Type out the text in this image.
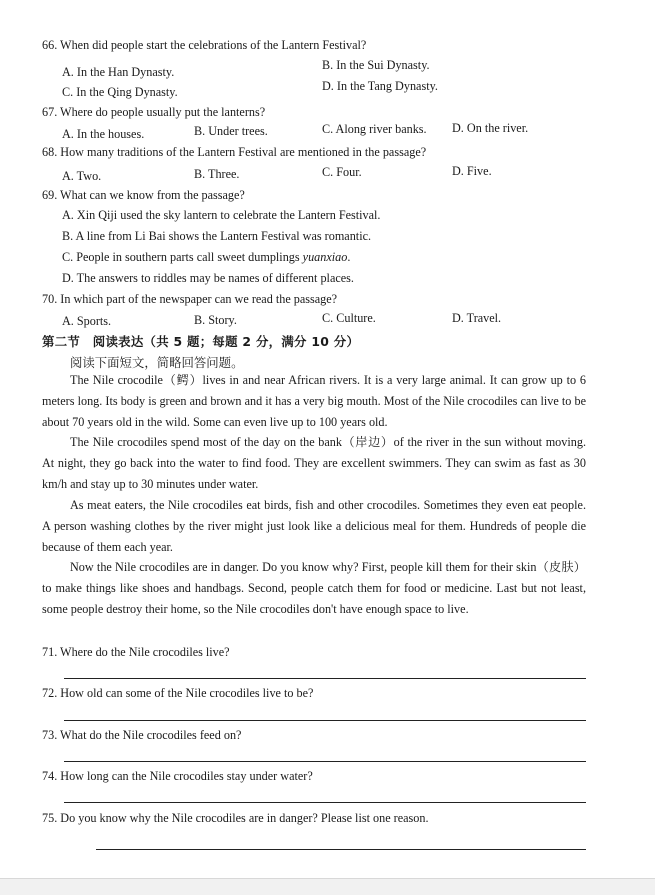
66. When did people start the celebrations of the Lantern Festival?
A. In the Han Dynasty.	B. In the Sui Dynasty.
C. In the Qing Dynasty.	D. In the Tang Dynasty.
67. Where do people usually put the lanterns?
A. In the houses.	B. Under trees.	C. Along river banks. D. On the river.
68. How many traditions of the Lantern Festival are mentioned in the passage?
A. Two.	B. Three.	C. Four.	D. Five.
69. What can we know from the passage?
A. Xin Qiji used the sky lantern to celebrate the Lantern Festival.
B. A line from Li Bai shows the Lantern Festival was romantic.
C. People in southern parts call sweet dumplings yuanxiao.
D. The answers to riddles may be names of different places.
70. In which part of the newspaper can we read the passage?
A. Sports.	B. Story.	C. Culture.	D. Travel.
第二节　阅读表达（共 5 题；每题 2 分，满分 10 分）
阅读下面短文，简略回答问题。
The Nile crocodile（鳄）lives in and near African rivers. It is a very large animal. It can grow up to 6 meters long. Its body is green and brown and it has a very big mouth. Most of the Nile crocodiles can live to be about 70 years old in the wild. Some can even live up to 100 years old.
The Nile crocodiles spend most of the day on the bank（岸边）of the river in the sun without moving. At night, they go back into the water to find food. They are excellent swimmers. They can swim as fast as 30 km/h and stay up to 30 minutes under water.
As meat eaters, the Nile crocodiles eat birds, fish and other crocodiles. Sometimes they even eat people. A person washing clothes by the river might just look like a delicious meal for them. Hundreds of people die because of them each year.
Now the Nile crocodiles are in danger. Do you know why? First, people kill them for their skin（皮肤）to make things like shoes and handbags. Second, people catch them for food or medicine. Last but not least, some people destroy their home, so the Nile crocodiles don't have enough space to live.
71. Where do the Nile crocodiles live?
72. How old can some of the Nile crocodiles live to be?
73. What do the Nile crocodiles feed on?
74. How long can the Nile crocodiles stay under water?
75. Do you know why the Nile crocodiles are in danger? Please list one reason.
